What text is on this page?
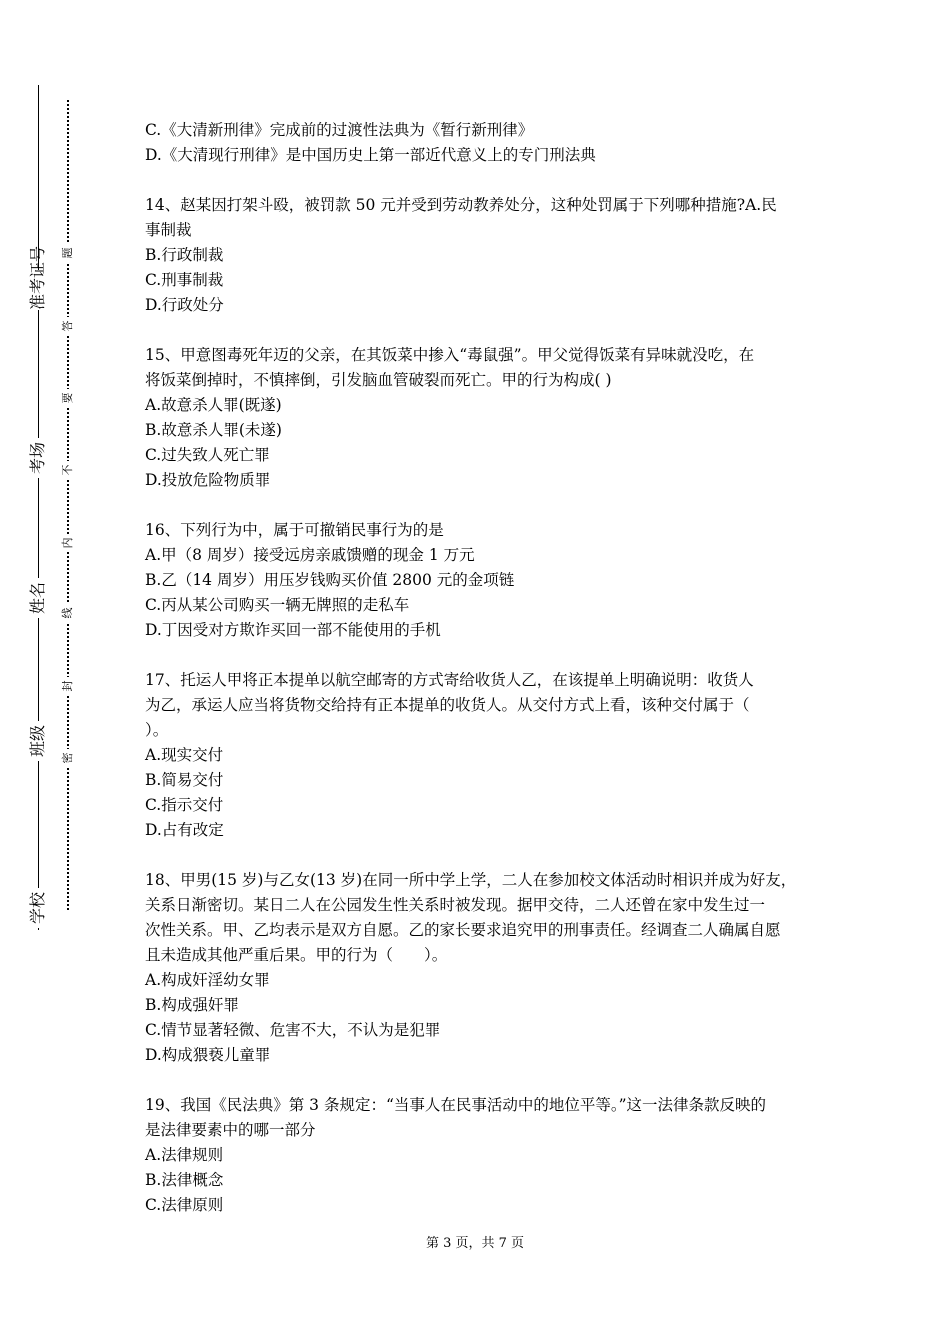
准考证号
考场
姓名
班级
学校
题
答
要
不
内
线
封
密
C.《大清新刑律》完成前的过渡性法典为《暂行新刑律》
D.《大清现行刑律》是中国历史上第一部近代意义上的专门刑法典
14、赵某因打架斗殴，被罚款 50 元并受到劳动教养处分，这种处罚属于下列哪种措施?A.民
事制裁
B.行政制裁
C.刑事制裁
D.行政处分
15、甲意图毒死年迈的父亲，在其饭菜中掺入“毒鼠强”。甲父觉得饭菜有异味就没吃，在
将饭菜倒掉时，不慎摔倒，引发脑血管破裂而死亡。甲的行为构成( )
A.故意杀人罪(既遂)
B.故意杀人罪(未遂)
C.过失致人死亡罪
D.投放危险物质罪
16、下列行为中，属于可撤销民事行为的是
A.甲（8 周岁）接受远房亲戚馈赠的现金 1 万元
B.乙（14 周岁）用压岁钱购买价值 2800 元的金项链
C.丙从某公司购买一辆无牌照的走私车
D.丁因受对方欺诈买回一部不能使用的手机
17、托运人甲将正本提单以航空邮寄的方式寄给收货人乙，在该提单上明确说明：收货人
为乙，承运人应当将货物交给持有正本提单的收货人。从交付方式上看，该种交付属于（
）。
A.现实交付
B.简易交付
C.指示交付
D.占有改定
18、甲男(15 岁)与乙女(13 岁)在同一所中学上学，二人在参加校文体活动时相识并成为好友，
关系日渐密切。某日二人在公园发生性关系时被发现。据甲交待，二人还曾在家中发生过一
次性关系。甲、乙均表示是双方自愿。乙的家长要求追究甲的刑事责任。经调查二人确属自愿
且未造成其他严重后果。甲的行为（　　）。
A.构成奸淫幼女罪
B.构成强奸罪
C.情节显著轻微、危害不大，不认为是犯罪
D.构成猥亵儿童罪
19、我国《民法典》第 3 条规定：“当事人在民事活动中的地位平等。”这一法律条款反映的
是法律要素中的哪一部分
A.法律规则
B.法律概念
C.法律原则
第 3 页，共 7 页
